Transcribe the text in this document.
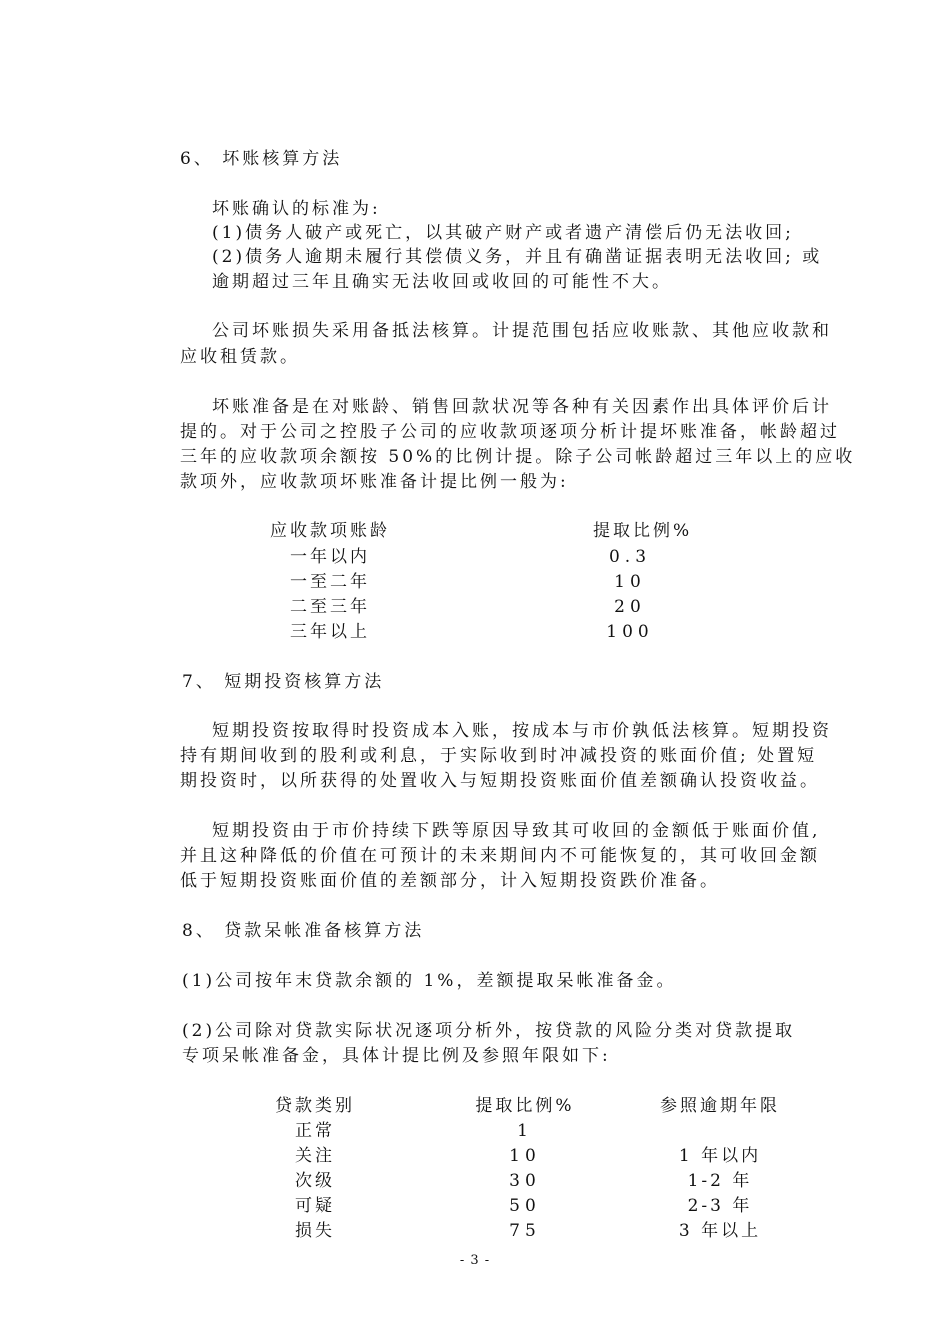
6、 坏账核算方法

坏账确认的标准为:

(1)债务人破产或死亡，以其破产财产或者遗产清偿后仍无法收回;

(2)债务人逾期未履行其偿债义务，并且有确凿证据表明无法收回; 或

逾期超过三年且确实无法收回或收回的可能性不大。

公司坏账损失采用备抵法核算。计提范围包括应收账款、其他应收款和

应收租赁款。

坏账准备是在对账龄、销售回款状况等各种有关因素作出具体评价后计

提的。对于公司之控股子公司的应收款项逐项分析计提坏账准备，帐龄超过

三年的应收款项余额按 50%的比例计提。除子公司帐龄超过三年以上的应收

款项外，应收款项坏账准备计提比例一般为:

应收款项账龄	提取比例%

一年以内	0.3

一至二年	10

二至三年	20

三年以上	100

7、 短期投资核算方法

短期投资按取得时投资成本入账，按成本与市价孰低法核算。短期投资

持有期间收到的股利或利息，于实际收到时冲减投资的账面价值; 处置短

期投资时，以所获得的处置收入与短期投资账面价值差额确认投资收益。

短期投资由于市价持续下跌等原因导致其可收回的金额低于账面价值,

并且这种降低的价值在可预计的未来期间内不可能恢复的，其可收回金额

低于短期投资账面价值的差额部分，计入短期投资跌价准备。

8、 贷款呆帐准备核算方法

(1)公司按年末贷款余额的 1%，差额提取呆帐准备金。

(2)公司除对贷款实际状况逐项分析外，按贷款的风险分类对贷款提取

专项呆帐准备金，具体计提比例及参照年限如下:

贷款类别	提取比例%	参照逾期年限

正常	1

关注	10	1 年以内

次级	30	1-2 年

可疑	50	2-3 年

损失	75	3 年以上

- 3 -
